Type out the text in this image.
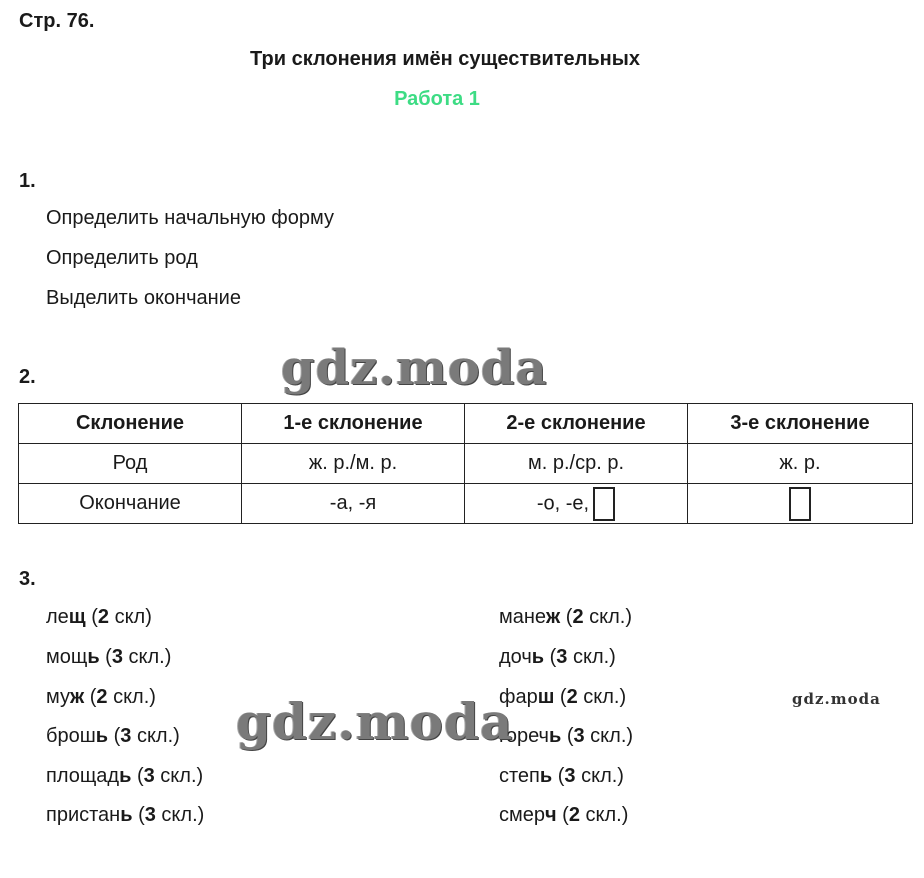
Стр. 76.
Три склонения имён существительных
Работа 1
1.
Определить начальную форму
Определить род
Выделить окончание
2.
Склонение	1-е склонение	2-е склонение	3-е склонение
Род	ж. р./м. р.	м. р./ср. р.	ж. р.
Окончание	-а, -я	-о, -е,	
3.
лещ (2 скл)
мощь (3 скл.)
муж (2 скл.)
брошь (3 скл.)
площадь (3 скл.)
пристань (3 скл.)
манеж (2 скл.)
дочь (3 скл.)
фарш (2 скл.)
горечь (3 скл.)
степь (3 скл.)
смерч (2 скл.)
gdz.moda
gdz.moda	gdz.moda
